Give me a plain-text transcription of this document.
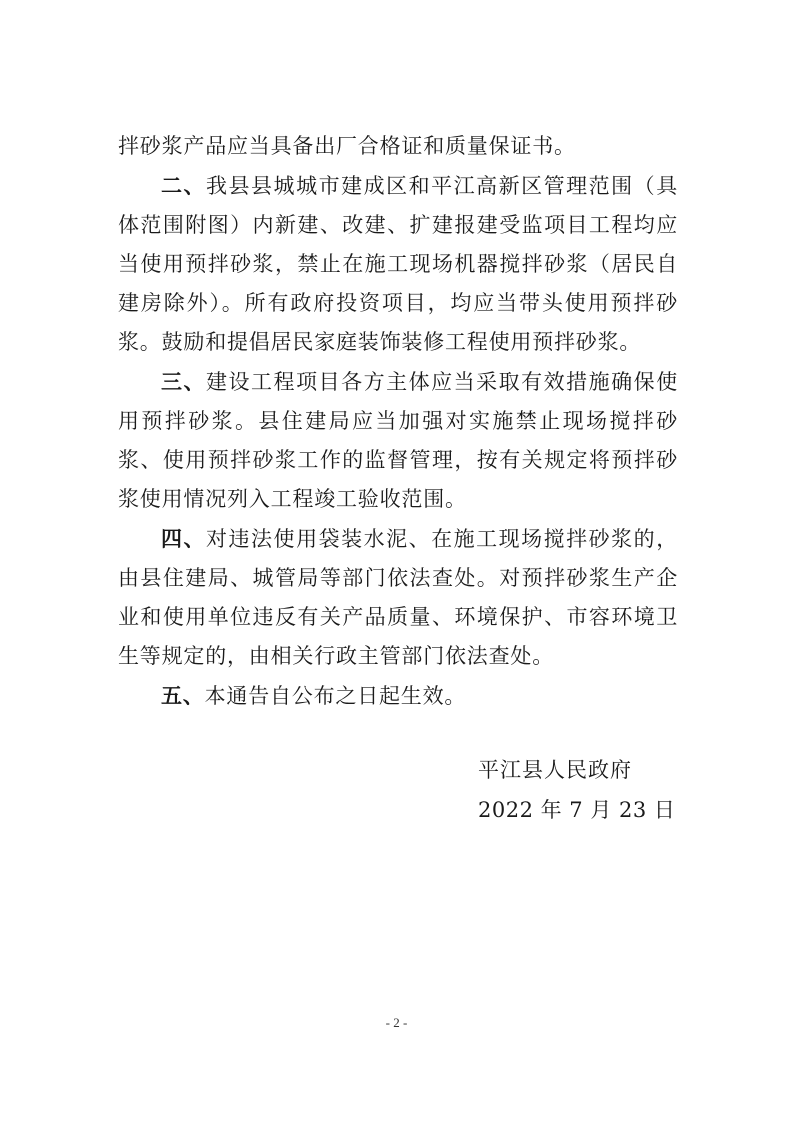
拌砂浆产品应当具备出厂合格证和质量保证书。

二、我县县城城市建成区和平江高新区管理范围（具体范围附图）内新建、改建、扩建报建受监项目工程均应当使用预拌砂浆，禁止在施工现场机器搅拌砂浆（居民自建房除外）。所有政府投资项目，均应当带头使用预拌砂浆。鼓励和提倡居民家庭装饰装修工程使用预拌砂浆。

三、建设工程项目各方主体应当采取有效措施确保使用预拌砂浆。县住建局应当加强对实施禁止现场搅拌砂浆、使用预拌砂浆工作的监督管理，按有关规定将预拌砂浆使用情况列入工程竣工验收范围。

四、对违法使用袋装水泥、在施工现场搅拌砂浆的，由县住建局、城管局等部门依法查处。对预拌砂浆生产企业和使用单位违反有关产品质量、环境保护、市容环境卫生等规定的，由相关行政主管部门依法查处。

五、本通告自公布之日起生效。

平江县人民政府
2022 年 7 月 23 日
- 2 -
